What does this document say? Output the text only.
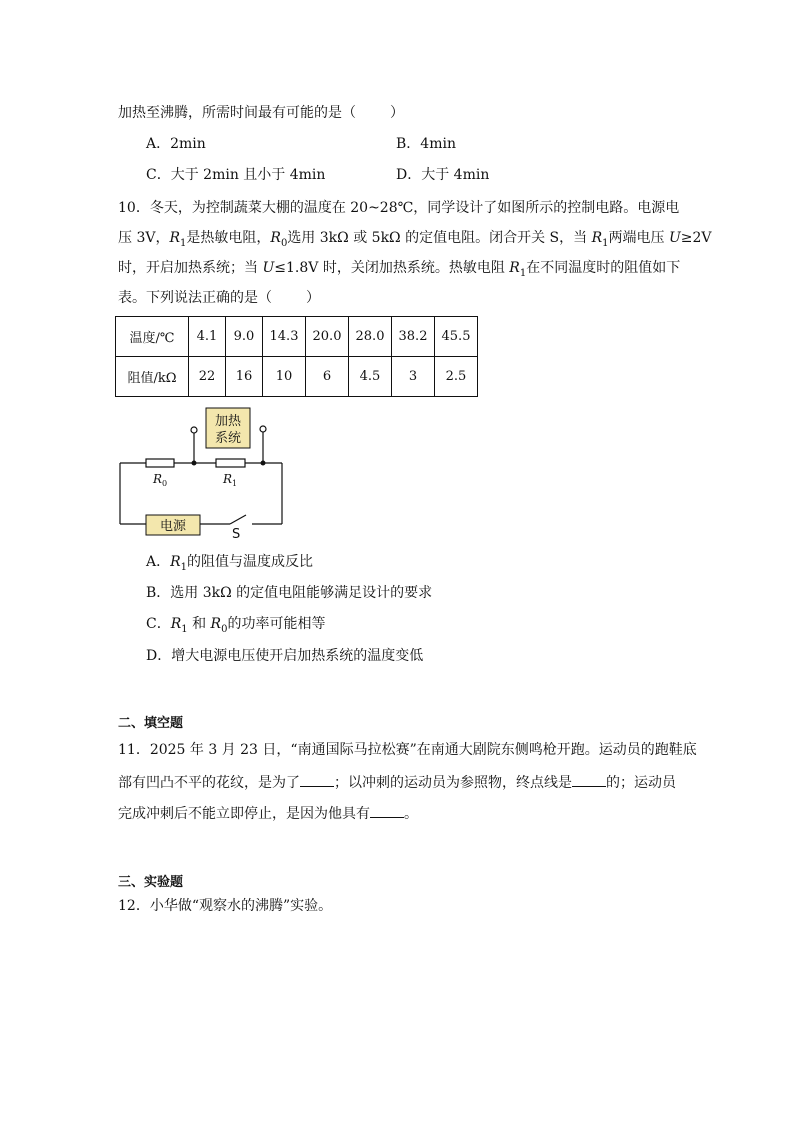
加热至沸腾，所需时间最有可能的是（ ）
A．2min	B．4min
C．大于 2min 且小于 4min	D．大于 4min
10．冬天，为控制蔬菜大棚的温度在 20~28℃，同学设计了如图所示的控制电路。电源电
压 3V，$R_1$是热敏电阻，$R_0$选用 3kΩ 或 5kΩ 的定值电阻。闭合开关 S，当 $R_1$两端电压 U≥2V
时，开启加热系统；当 U≤1.8V 时，关闭加热系统。热敏电阻 $R_1$在不同温度时的阻值如下
表。下列说法正确的是（ ）
温度/℃	4.1	9.0	14.3	20.0	28.0	38.2	45.5
阻值/kΩ	22	16	10	6	4.5	3	2.5
加热
系统
电源
R 0	R 1
S
A．$R_1$的阻值与温度成反比
B．选用 3kΩ 的定值电阻能够满足设计的要求
C．$R_1$ 和 $R_0$的功率可能相等
D．增大电源电压使开启加热系统的温度变低
二、填空题
11．2025 年 3 月 23 日，“南通国际马拉松赛”在南通大剧院东侧鸣枪开跑。运动员的跑鞋底
部有凹凸不平的花纹，是为了 ；以冲刺的运动员为参照物，终点线是 的；运动员
完成冲刺后不能立即停止，是因为他具有 。
三、实验题
12．小华做“观察水的沸腾”实验。
